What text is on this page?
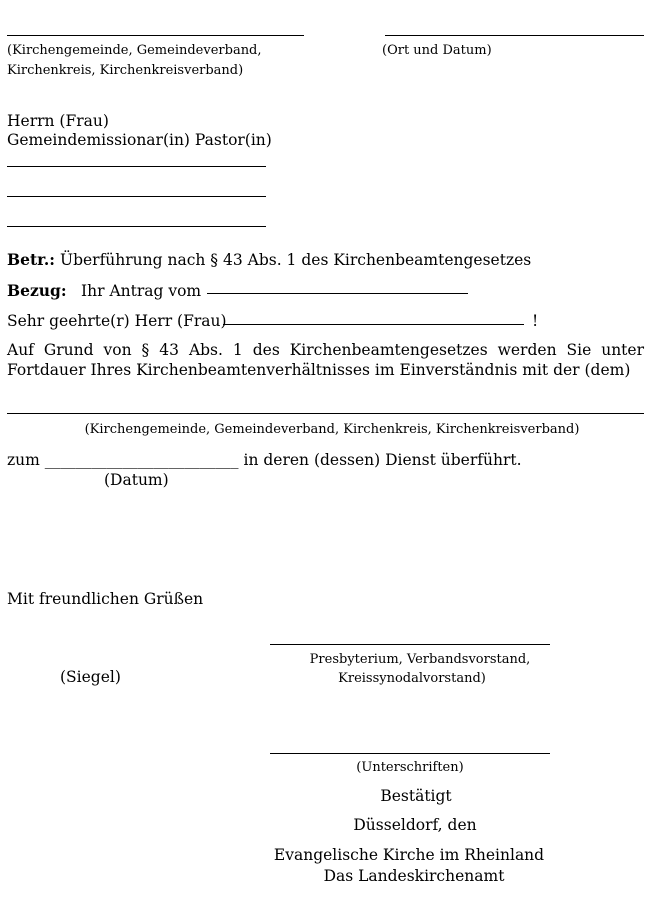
(Kirchengemeinde, Gemeindeverband,
Kirchenkreis, Kirchenkreisverband)
(Ort und Datum)
Herrn (Frau)
Gemeindemissionar(in) Pastor(in)
Betr.: Überführung nach § 43 Abs. 1 des Kirchenbeamtengesetzes
Bezug: Ihr Antrag vom
Sehr geehrte(r) Herr (Frau)	!
Auf Grund von § 43 Abs. 1 des Kirchenbeamtengesetzes werden Sie unter Fortdauer Ihres Kirchenbeamtenverhältnisses im Einverständnis mit der (dem)
(Kirchengemeinde, Gemeindeverband, Kirchenkreis, Kirchenkreisverband)
zum _________________________ in deren (dessen) Dienst überführt.
(Datum)
Mit freundlichen Grüßen
Presbyterium, Verbandsvorstand,
Kreissynodalvorstand)
(Siegel)
(Unterschriften)
Bestätigt
Düsseldorf, den
Evangelische Kirche im Rheinland
Das Landeskirchenamt
